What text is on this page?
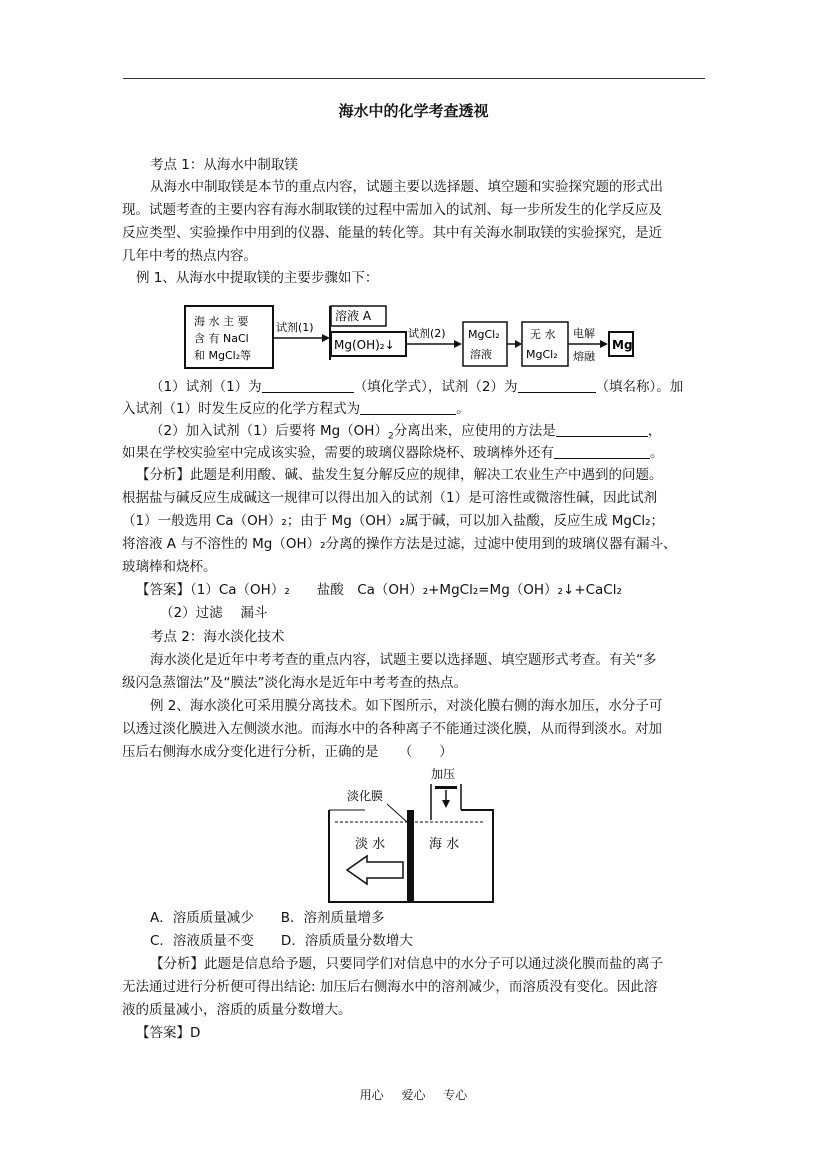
海水中的化学考查透视
考点 1：从海水中制取镁
从海水中制取镁是本节的重点内容，试题主要以选择题、填空题和实验探究题的形式出
现。试题考查的主要内容有海水制取镁的过程中需加入的试剂、每一步所发生的化学反应及
反应类型、实验操作中用到的仪器、能量的转化等。其中有关海水制取镁的实验探究，是近
几年中考的热点内容。
例 1、从海水中提取镁的主要步骤如下：
海 水 主 要
含 有 NaCl
和 MgCl₂等
试剂(1)
溶液 A
Mg(OH)₂↓
试剂(2) MgCl₂
溶液
无 水
MgCl₂
电解
熔融
Mg
（1）试剂（1）为	（填化学式），试剂（2）为	（填名称）。加
入试剂（1）时发生反应的化学方程式为	。
（2）加入试剂（1）后要将 $Mg(OH)_2$分离出来，应使用的方法是	，
如果在学校实验室中完成该实验，需要的玻璃仪器除烧杯、玻璃棒外还有	。
【分析】此题是利用酸、碱、盐发生复分解反应的规律，解决工农业生产中遇到的问题。
根据盐与碱反应生成碱这一规律可以得出加入的试剂（1）是可溶性或微溶性碱，因此试剂
（1）一般选用 Ca（OH）₂；由于 Mg（OH）₂属于碱，可以加入盐酸，反应生成 MgCl₂；
将溶液 A 与不溶性的 Mg（OH）₂分离的操作方法是过滤，过滤中使用到的玻璃仪器有漏斗、
玻璃棒和烧杯。
【答案】（1）Ca（OH）₂　　盐酸　Ca（OH）₂+MgCl₂=Mg（OH）₂↓+CaCl₂
（2）过滤　 漏斗
考点 2：海水淡化技术
海水淡化是近年中考考查的重点内容，试题主要以选择题、填空题形式考查。有关“多
级闪急蒸馏法”及“膜法”淡化海水是近年中考考查的热点。
例 2、海水淡化可采用膜分离技术。如下图所示，对淡化膜右侧的海水加压，水分子可
以透过淡化膜进入左侧淡水池。而海水中的各种离子不能通过淡化膜，从而得到淡水。对加
压后右侧海水成分变化进行分析，正确的是　　（　　）
加压
淡化膜
淡 水	海 水
A．溶质质量减少　　B．溶剂质量增多
C．溶液质量不变　　D．溶质质量分数增大
【分析】此题是信息给予题，只要同学们对信息中的水分子可以通过淡化膜而盐的离子
无法通过进行分析便可得出结论: 加压后右侧海水中的溶剂减少，而溶质没有变化。因此溶
液的质量减小，溶质的质量分数增大。
【答案】D
用心 爱心 专心
